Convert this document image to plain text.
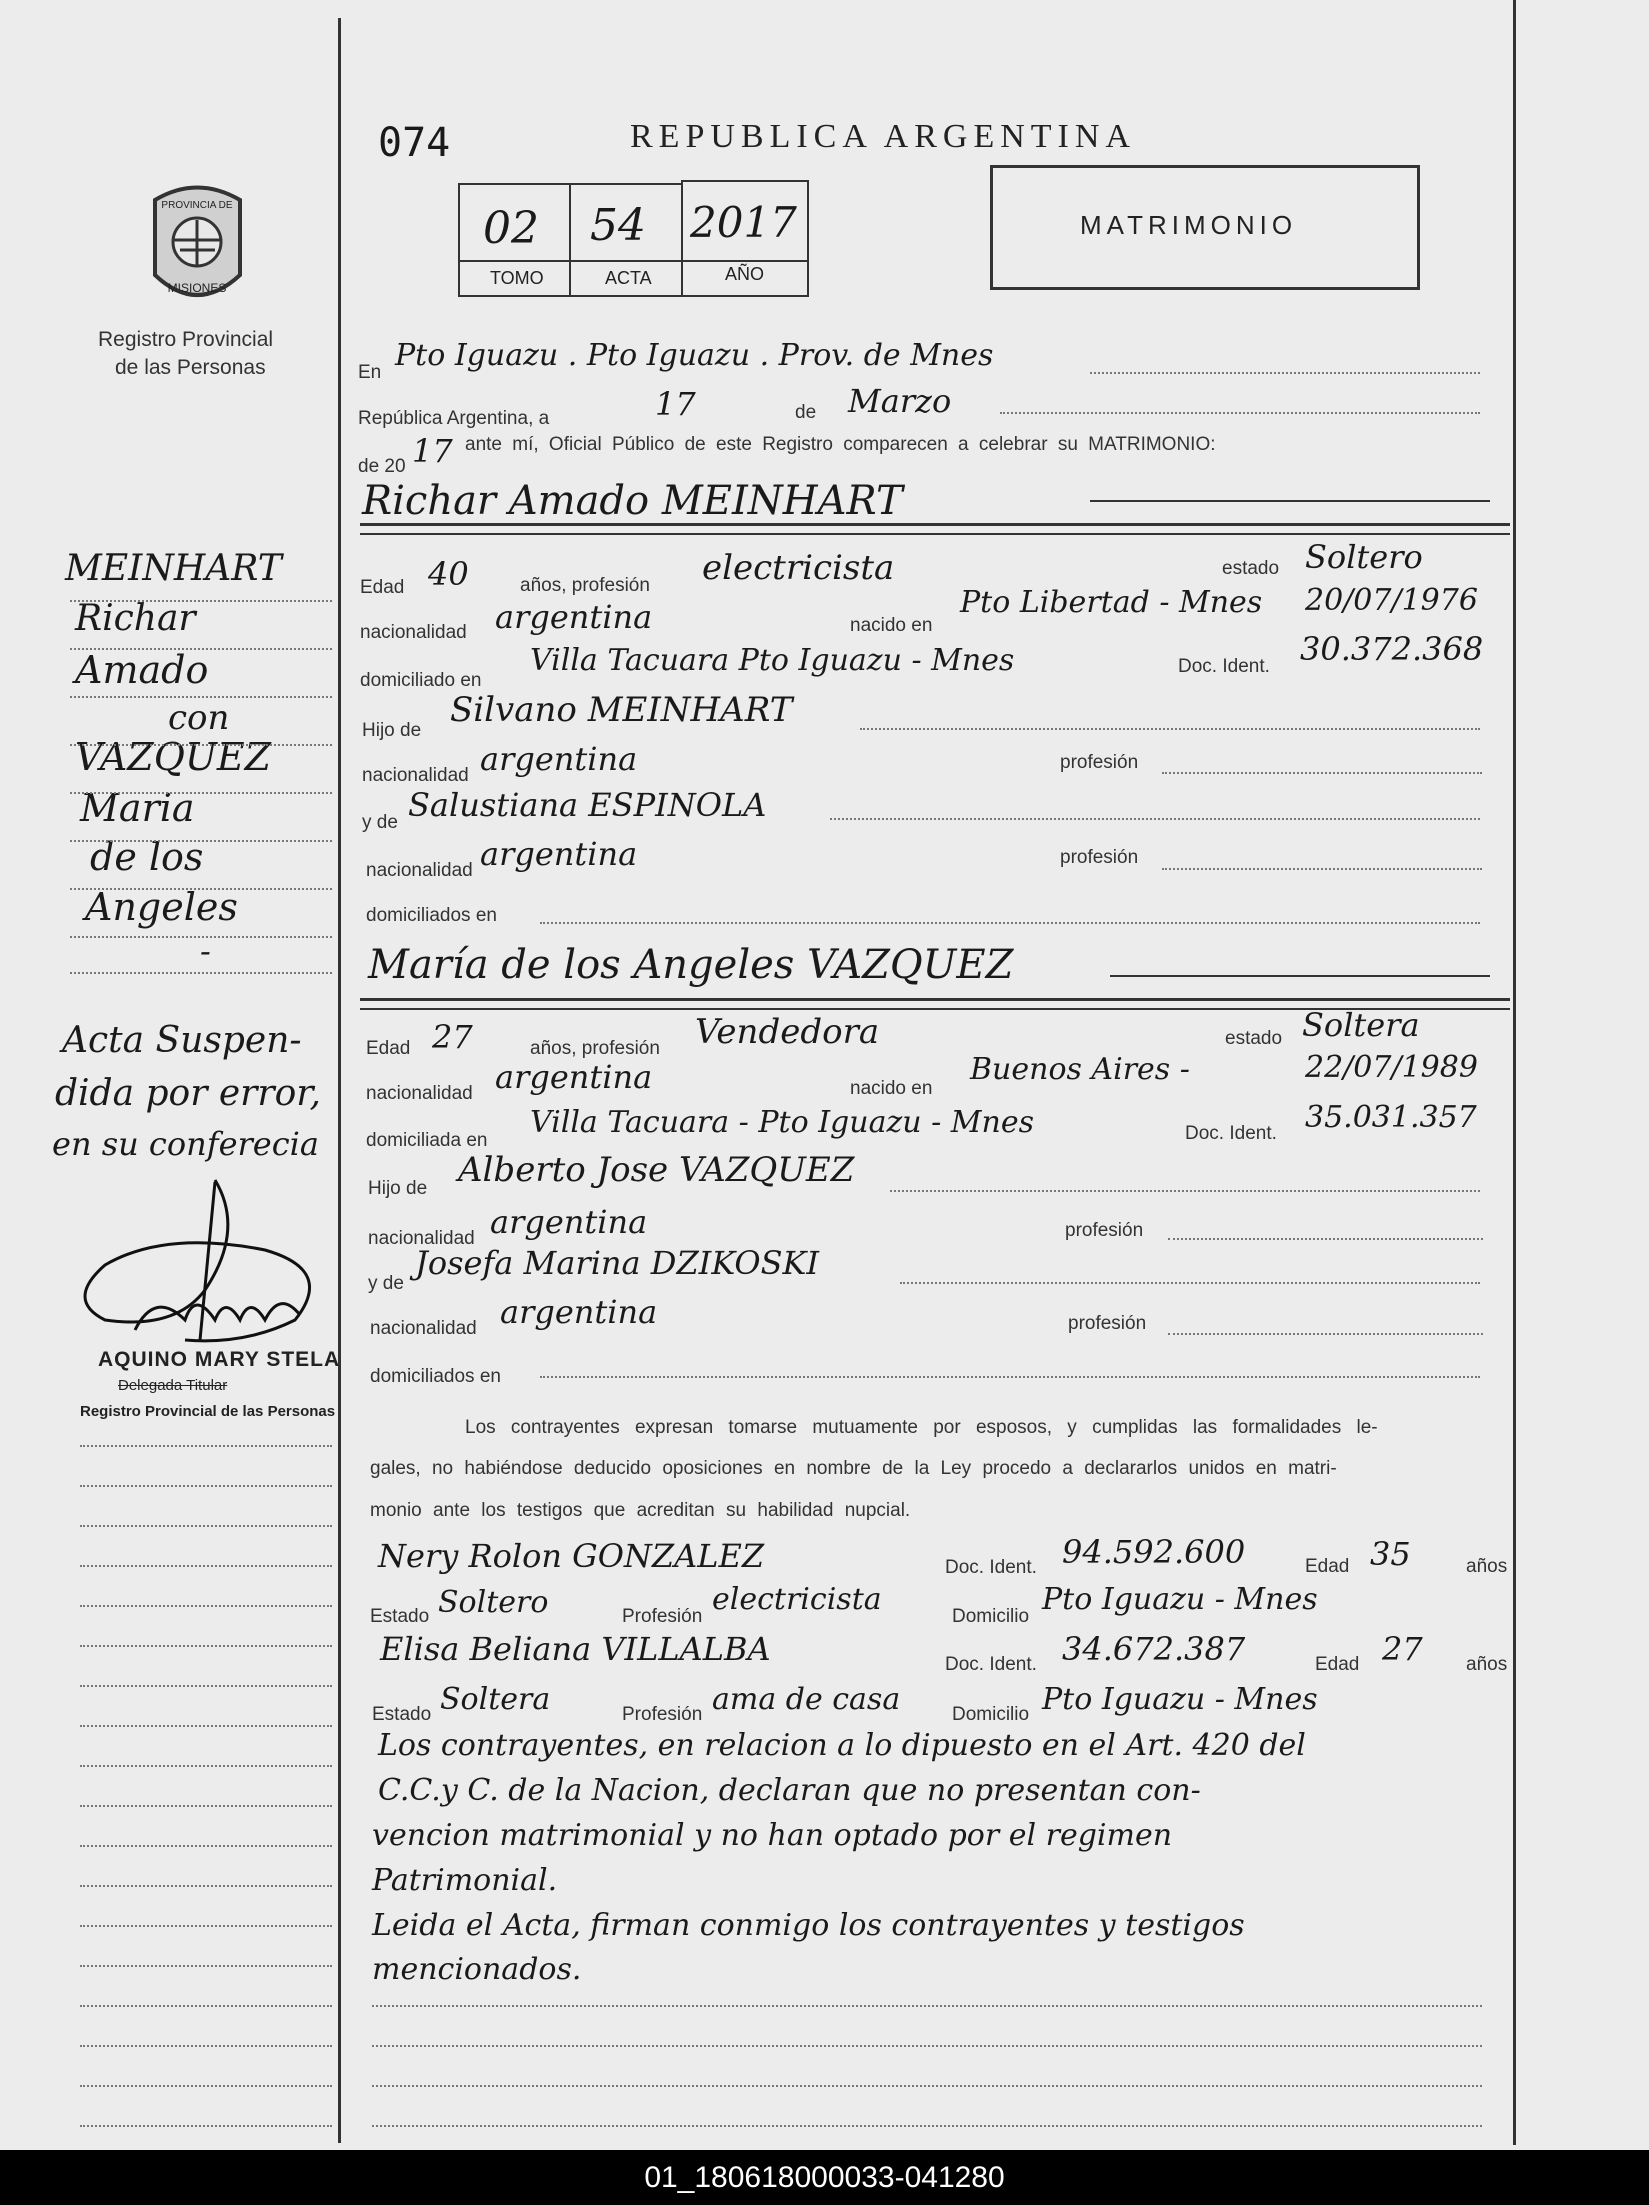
074	REPUBLICA ARGENTINA
02 54 2017
TOMO	ACTA	AÑO
MATRIMONIO
PROVINCIA DE
MISIONES
Registro Provincial
de las Personas	En Pto Iguazu . Pto Iguazu . Prov. de Mnes
República Argentina, a	17	de Marzo
de 20 17 ante mí, Oficial Público de este Registro comparecen a celebrar su MATRIMONIO:
Richar Amado MEINHART
Edad 40	años, profesión electricista	estado Soltero
nacionalidad argentina	nacido en
Pto Libertad - Mnes 20/07/1976
domiciliado en
Villa Tacuara Pto Iguazu - Mnes	Doc. Ident. 30.372.368
Hijo de
Silvano MEINHART
nacionalidad argentina	profesión
y de Salustiana ESPINOLA
nacionalidad argentina	profesión
domiciliados en
María de los Angeles VAZQUEZ
Edad 27	años, profesión Vendedora	estado Soltera
nacionalidad argentina	nacido en
Buenos Aires -	22/07/1989
domiciliada en
Villa Tacuara - Pto Iguazu - Mnes	Doc. Ident. 35.031.357
Hijo de Alberto Jose VAZQUEZ
nacionalidad argentina	profesión
y de
Josefa Marina DZIKOSKI
nacionalidad argentina	profesión
domiciliados en
Los contrayentes expresan tomarse mutuamente por esposos, y cumplidas las formalidades le-
gales, no habiéndose deducido oposiciones en nombre de la Ley procedo a declararlos unidos en matri-
monio ante los testigos que acreditan su habilidad nupcial.
Nery Rolon GONZALEZ	Doc. Ident. 94.592.600	Edad 35	años
Estado Soltero	Profesión electricista	Domicilio Pto Iguazu - Mnes
Elisa Beliana VILLALBA	Doc. Ident. 34.672.387	Edad 27 años
Estado Soltera	Profesión ama de casa	Domicilio Pto Iguazu - Mnes
Los contrayentes, en relacion a lo dipuesto en el Art. 420 del
C.C.y C. de la Nacion, declaran que no presentan con-
vencion matrimonial y no han optado por el regimen
Patrimonial.
Leida el Acta, firman conmigo los contrayentes y testigos
mencionados.
MEINHART
Richar
Amado
con
VAZQUEZ
Maria
de los
Angeles
-
Acta Suspen-
dida por error,
en su conferecia
AQUINO MARY STELA
Delegada Titular
Registro Provincial de las Personas
01_180618000033-041280
